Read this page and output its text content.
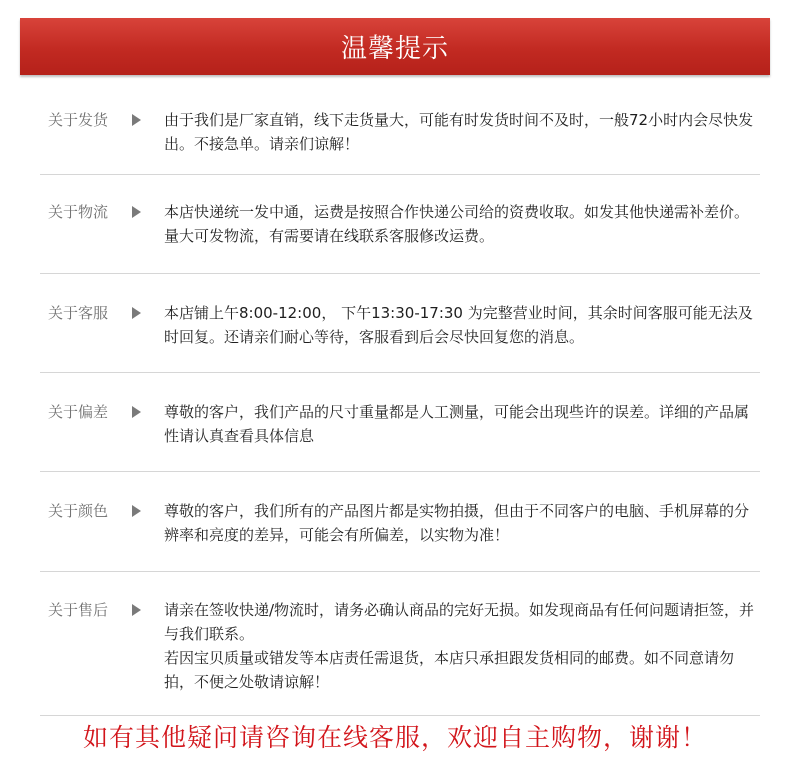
温馨提示
关于发货	由于我们是厂家直销，线下走货量大，可能有时发货时间不及时，一般72小时内会尽快发出。不接急单。请亲们谅解！

关于物流	本店快递统一发中通，运费是按照合作快递公司给的资费收取。如发其他快递需补差价。量大可发物流，有需要请在线联系客服修改运费。

关于客服	本店铺上午8:00-12:00， 下午13:30-17:30 为完整营业时间，其余时间客服可能无法及时回复。还请亲们耐心等待，客服看到后会尽快回复您的消息。

关于偏差	尊敬的客户，我们产品的尺寸重量都是人工测量，可能会出现些许的误差。详细的产品属性请认真查看具体信息

关于颜色	尊敬的客户，我们所有的产品图片都是实物拍摄，但由于不同客户的电脑、手机屏幕的分辨率和亮度的差异，可能会有所偏差，以实物为准！

关于售后	请亲在签收快递/物流时，请务必确认商品的完好无损。如发现商品有任何问题请拒签，并与我们联系。

若因宝贝质量或错发等本店责任需退货，本店只承担跟发货相同的邮费。如不同意请勿拍，不便之处敬请谅解！

如有其他疑问请咨询在线客服，欢迎自主购物，谢谢！
